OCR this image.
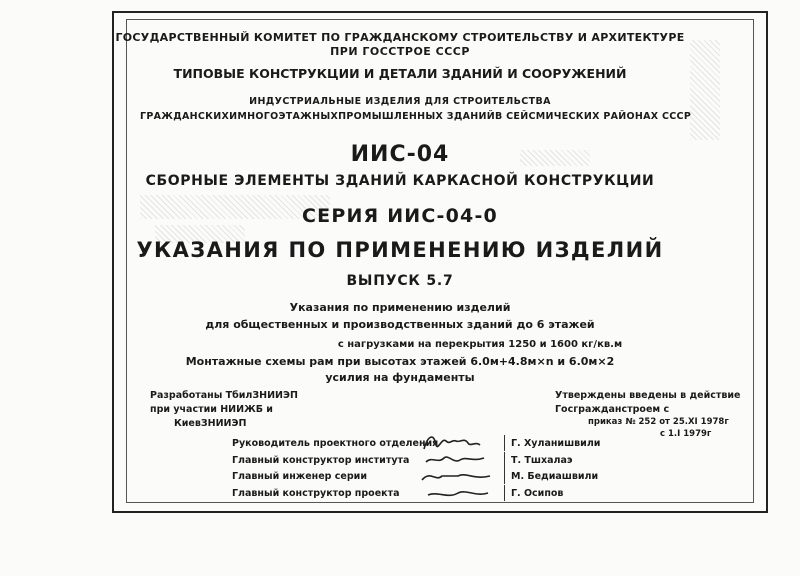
ГОСУДАРСТВЕННЫЙ КОМИТЕТ ПО ГРАЖДАНСКОМУ СТРОИТЕЛЬСТВУ И АРХИТЕКТУРЕ
ПРИ ГОССТРОЕ СССР
ТИПОВЫЕ КОНСТРУКЦИИ И ДЕТАЛИ ЗДАНИЙ И СООРУЖЕНИЙ
ИНДУСТРИАЛЬНЫЕ ИЗДЕЛИЯ ДЛЯ СТРОИТЕЛЬСТВА
ГРАЖДАНСКИХ И МНОГОЭТАЖНЫХ ПРОМЫШЛЕННЫХ ЗДАНИЙ В СЕЙСМИЧЕСКИХ РАЙОНАХ СССР
ИИС-04
СБОРНЫЕ ЭЛЕМЕНТЫ ЗДАНИЙ КАРКАСНОЙ КОНСТРУКЦИИ
СЕРИЯ ИИС-04-0
УКАЗАНИЯ ПО ПРИМЕНЕНИЮ ИЗДЕЛИЙ
ВЫПУСК 5.7
Указания по применению изделий
для общественных и производственных зданий до 6 этажей
с нагрузками на перекрытия 1250 и 1600 кг/кв.м
Монтажные схемы рам при высотах этажей 6.0м+4.8м×n и 6.0м×2
усилия на фундаменты
Разработаны ТбилЗНИИЭП
при участии НИИЖБ и
КиевЗНИИЭП
Утверждены введены в действие
Госгражданстроем с
приказ № 252 от 25.XI 1978г
с 1.I 1979г
Руководитель проектного отделения	Г. Хуланишвили
Главный конструктор института	Т. Тшхалаэ
Главный инженер серии	М. Бедиашвили
Главный конструктор проекта	Г. Осипов
